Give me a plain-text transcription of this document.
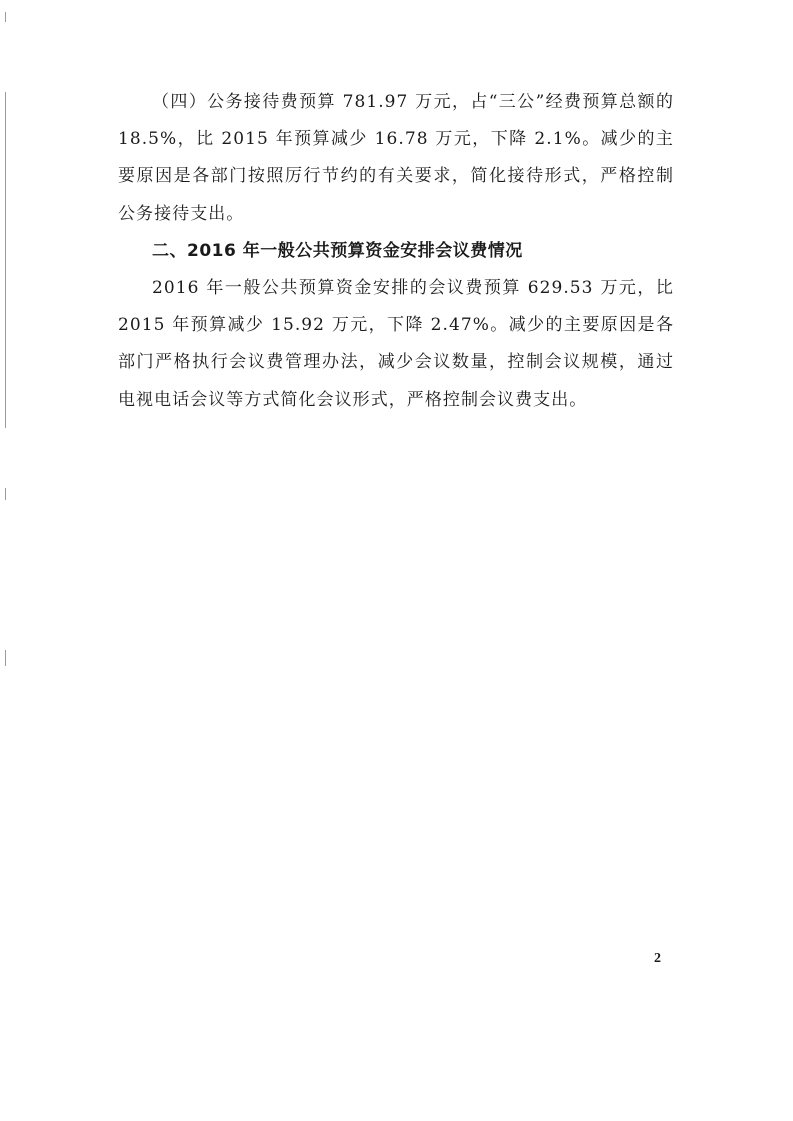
（四）公务接待费预算 781.97 万元，占“三公”经费预算总额的 18.5%，比 2015 年预算减少 16.78 万元，下降 2.1%。减少的主要原因是各部门按照厉行节约的有关要求，简化接待形式，严格控制公务接待支出。

二、2016 年一般公共预算资金安排会议费情况

2016 年一般公共预算资金安排的会议费预算 629.53 万元，比 2015 年预算减少 15.92 万元，下降 2.47%。减少的主要原因是各部门严格执行会议费管理办法，减少会议数量，控制会议规模，通过电视电话会议等方式简化会议形式，严格控制会议费支出。

2
